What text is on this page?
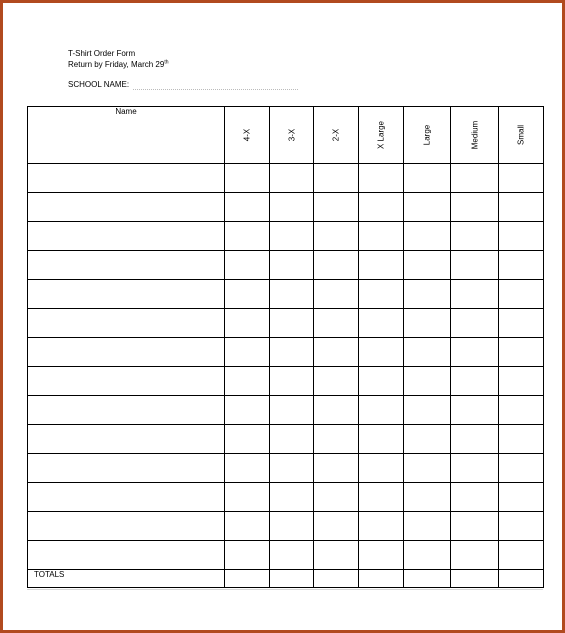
T-Shirt Order Form
Return by Friday, March 29th
SCHOOL NAME:
Name	4-X	3-X	2-X	X Large	Large	Medium	Small

TOTALS							
